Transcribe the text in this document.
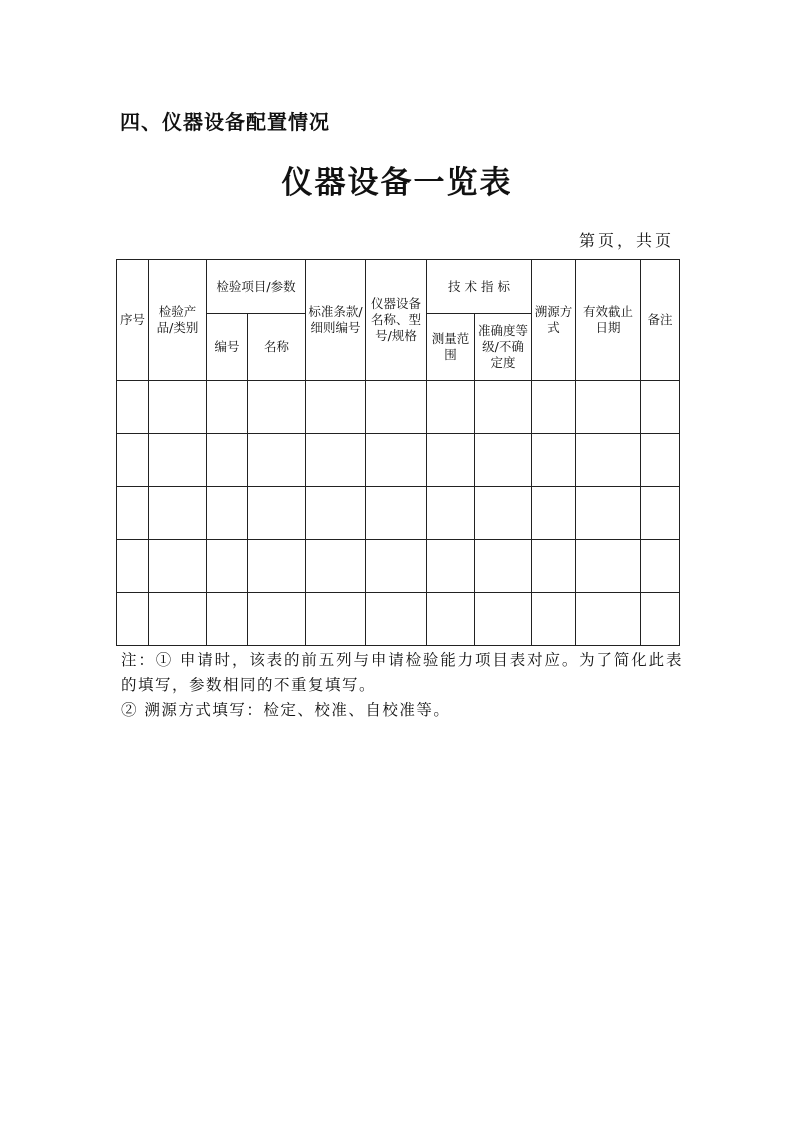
四、仪器设备配置情况
仪器设备一览表
第页，共页
序号	检验产品/类别	检验项目/参数		标准条款/细则编号	仪器设备名称、型号/规格	技 术 指 标		溯源方式	有效截止日期	备注
		编号	名称			测量范围	准确度等级/不确定度			

注：① 申请时，该表的前五列与申请检验能力项目表对应。为了简化此表的填写，参数相同的不重复填写。

② 溯源方式填写：检定、校准、自校准等。
